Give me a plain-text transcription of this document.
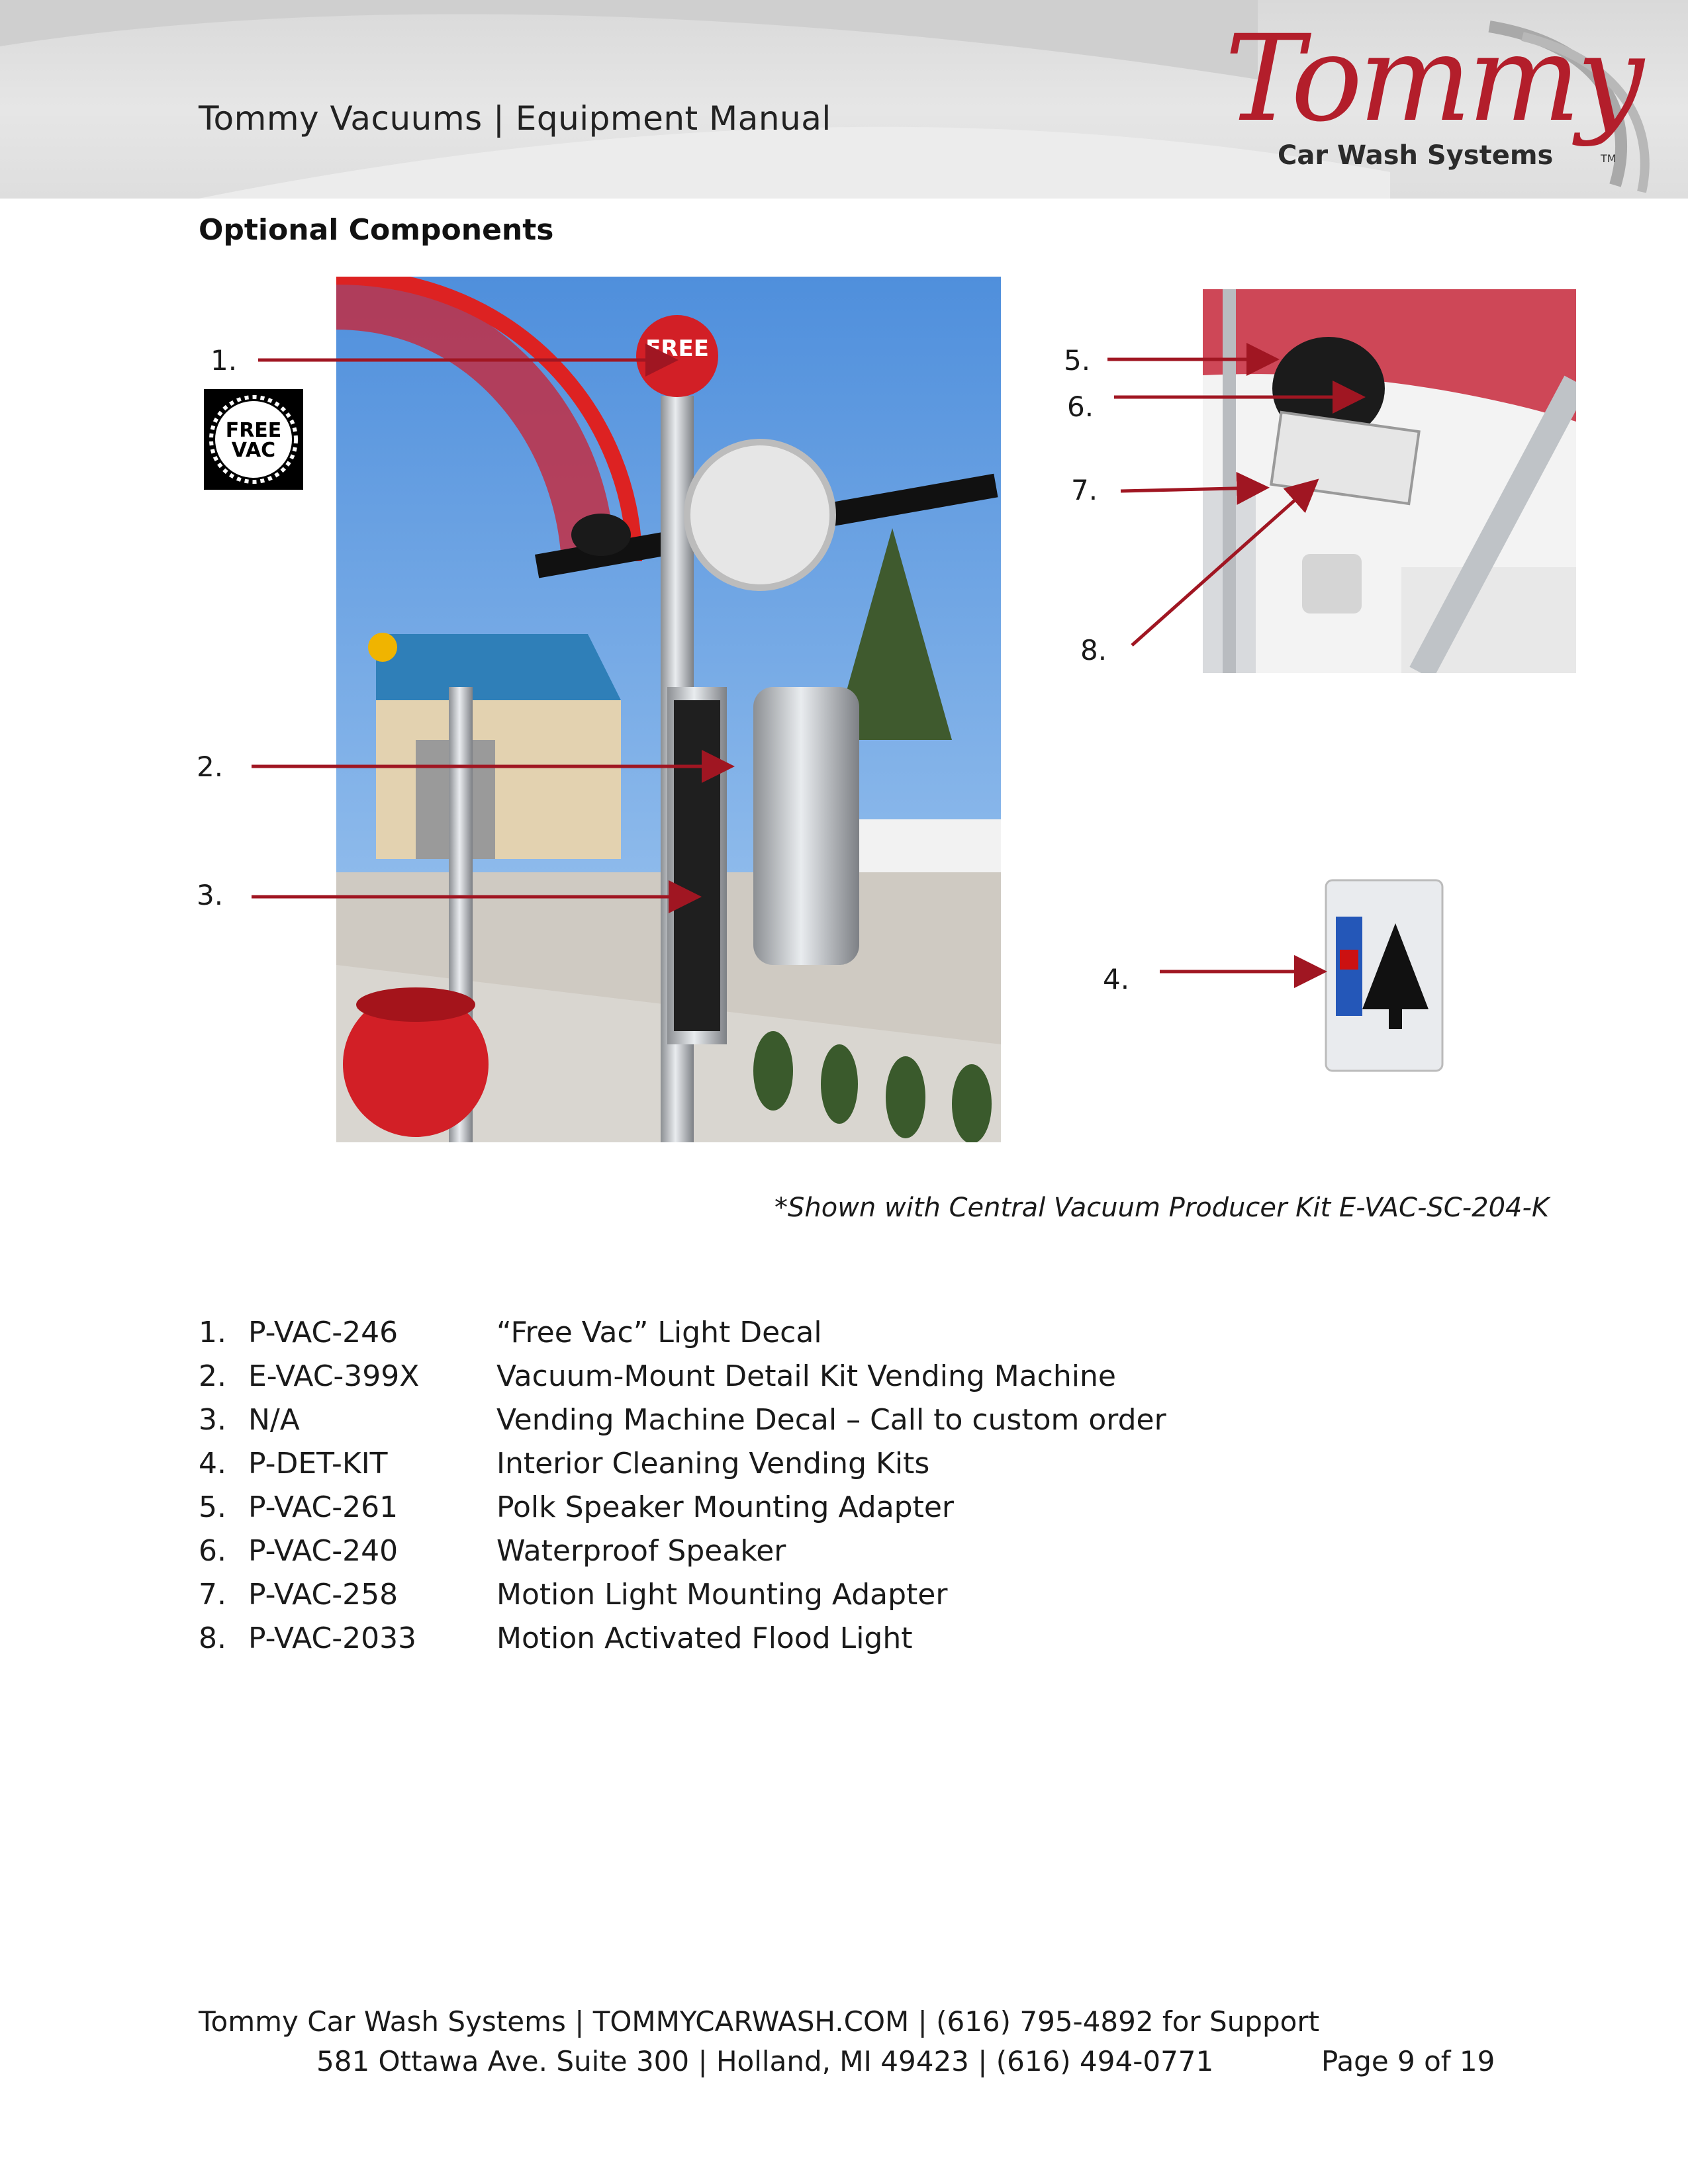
Tommy Vacuums | Equipment Manual	Tommy
Car Wash Systems	TM
Optional Components
FREE
VAC
FREE
1.
2.
3.
4.
5.
6.
7.
8.
*Shown with Central Vacuum Producer Kit E-VAC-SC-204-K
1. P-VAC-246	“Free Vac” Light Decal
2. E-VAC-399X	Vacuum-Mount Detail Kit Vending Machine
3. N/A	Vending Machine Decal – Call to custom order
4. P-DET-KIT	Interior Cleaning Vending Kits
5. P-VAC-261	Polk Speaker Mounting Adapter
6. P-VAC-240	Waterproof Speaker
7. P-VAC-258	Motion Light Mounting Adapter
8. P-VAC-2033	Motion Activated Flood Light
Tommy Car Wash Systems | TOMMYCARWASH.COM | (616) 795-4892 for Support
581 Ottawa Ave. Suite 300 | Holland, MI 49423 | (616) 494-0771	Page 9 of 19
